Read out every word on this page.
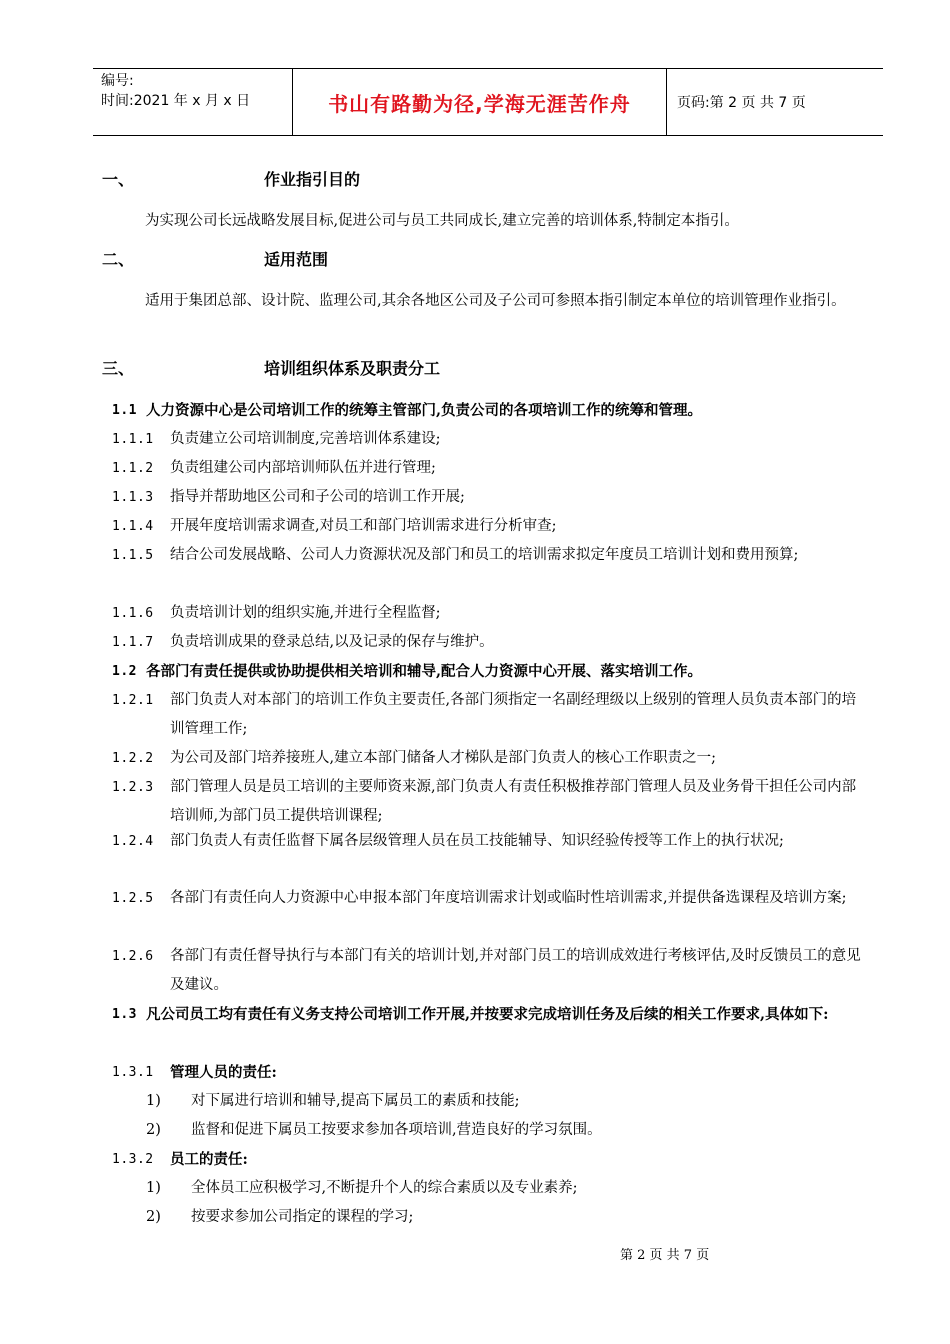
编号:
时间:2021 年 x 月 x 日	书山有路勤为径,学海无涯苦作舟	页码:第 2 页 共 7 页
一、	作业指引目的
为实现公司长远战略发展目标,促进公司与员工共同成长,建立完善的培训体系,特制定本指引。
二、	适用范围
适用于集团总部、设计院、监理公司,其余各地区公司及子公司可参照本指引制定本单位的培训管理作业指引。
三、	培训组织体系及职责分工
1.1 人力资源中心是公司培训工作的统筹主管部门,负责公司的各项培训工作的统筹和管理。
1.1.1 负责建立公司培训制度,完善培训体系建设;
1.1.2 负责组建公司内部培训师队伍并进行管理;
1.1.3 指导并帮助地区公司和子公司的培训工作开展;
1.1.4 开展年度培训需求调查,对员工和部门培训需求进行分析审查;
1.1.5 结合公司发展战略、公司人力资源状况及部门和员工的培训需求拟定年度员工培训计划和费用预算;
1.1.6 负责培训计划的组织实施,并进行全程监督;
1.1.7 负责培训成果的登录总结,以及记录的保存与维护。
1.2 各部门有责任提供或协助提供相关培训和辅导,配合人力资源中心开展、落实培训工作。
1.2.1 部门负责人对本部门的培训工作负主要责任,各部门须指定一名副经理级以上级别的管理人员负责本部门的培训管理工作;
1.2.2 为公司及部门培养接班人,建立本部门储备人才梯队是部门负责人的核心工作职责之一;
1.2.3 部门管理人员是员工培训的主要师资来源,部门负责人有责任积极推荐部门管理人员及业务骨干担任公司内部培训师,为部门员工提供培训课程;
1.2.4 部门负责人有责任监督下属各层级管理人员在员工技能辅导、知识经验传授等工作上的执行状况;
1.2.5 各部门有责任向人力资源中心申报本部门年度培训需求计划或临时性培训需求,并提供备选课程及培训方案;
1.2.6 各部门有责任督导执行与本部门有关的培训计划,并对部门员工的培训成效进行考核评估,及时反馈员工的意见及建议。
1.3 凡公司员工均有责任有义务支持公司培训工作开展,并按要求完成培训任务及后续的相关工作要求,具体如下:
1.3.1 管理人员的责任:
1) 对下属进行培训和辅导,提高下属员工的素质和技能;
2) 监督和促进下属员工按要求参加各项培训,营造良好的学习氛围。
1.3.2 员工的责任:
1) 全体员工应积极学习,不断提升个人的综合素质以及专业素养;
2) 按要求参加公司指定的课程的学习;
第 2 页 共 7 页
